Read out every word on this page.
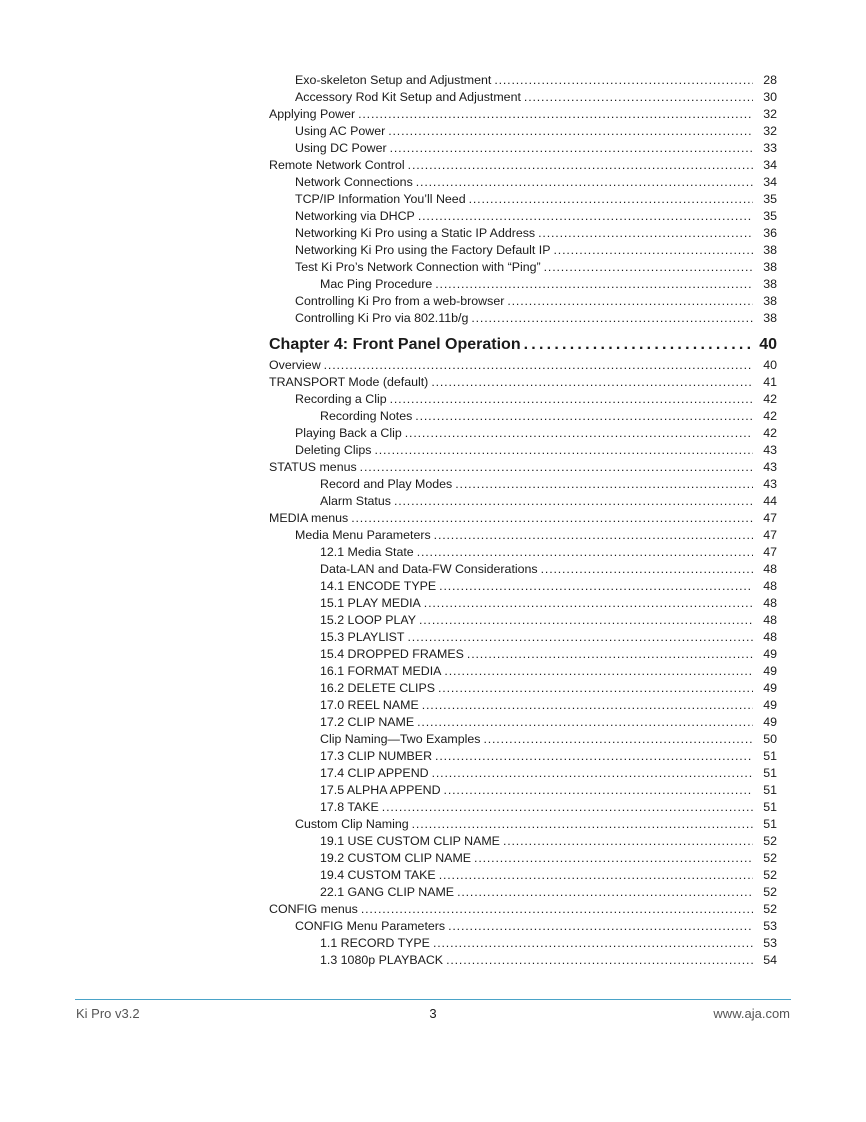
Exo-skeleton Setup and Adjustment . . .	28
Accessory Rod Kit Setup and Adjustment . . .	30
Applying Power . . .	32
Using AC Power . . .	32
Using DC Power . . .	33
Remote Network Control . . .	34
Network Connections . . .	34
TCP/IP Information You’ll Need . . .	35
Networking via DHCP . . .	35
Networking Ki Pro using a Static IP Address . . .	36
Networking Ki Pro using the Factory Default IP . . .	38
Test Ki Pro’s Network Connection with “Ping” . . .	38
Mac Ping Procedure . . .	38
Controlling Ki Pro from a web-browser . . .	38
Controlling Ki Pro via 802.11b/g . . .	38
Chapter 4: Front Panel Operation . . .	40
Overview . . .	40
TRANSPORT Mode (default) . . .	41
Recording a Clip . . .	42
Recording Notes . . .	42
Playing Back a Clip . . .	42
Deleting Clips . . .	43
STATUS menus . . .	43
Record and Play Modes . . .	43
Alarm Status . . .	44
MEDIA menus . . .	47
Media Menu Parameters . . .	47
12.1 Media State . . .	47
Data-LAN and Data-FW Considerations . . .	48
14.1 ENCODE TYPE . . .	48
15.1 PLAY MEDIA . . .	48
15.2 LOOP PLAY . . .	48
15.3 PLAYLIST . . .	48
15.4 DROPPED FRAMES . . .	49
16.1 FORMAT MEDIA . . .	49
16.2 DELETE CLIPS . . .	49
17.0 REEL NAME . . .	49
17.2 CLIP NAME . . .	49
Clip Naming—Two Examples . . .	50
17.3 CLIP NUMBER . . .	51
17.4 CLIP APPEND . . .	51
17.5 ALPHA APPEND . . .	51
17.8 TAKE . . .	51
Custom Clip Naming . . .	51
19.1 USE CUSTOM CLIP NAME . . .	52
19.2 CUSTOM CLIP NAME . . .	52
19.4 CUSTOM TAKE . . .	52
22.1 GANG CLIP NAME . . .	52
CONFIG menus . . .	52
CONFIG Menu Parameters . . .	53
1.1 RECORD TYPE . . .	53
1.3 1080p PLAYBACK . . .	54
Ki Pro v3.2	3	www.aja.com
